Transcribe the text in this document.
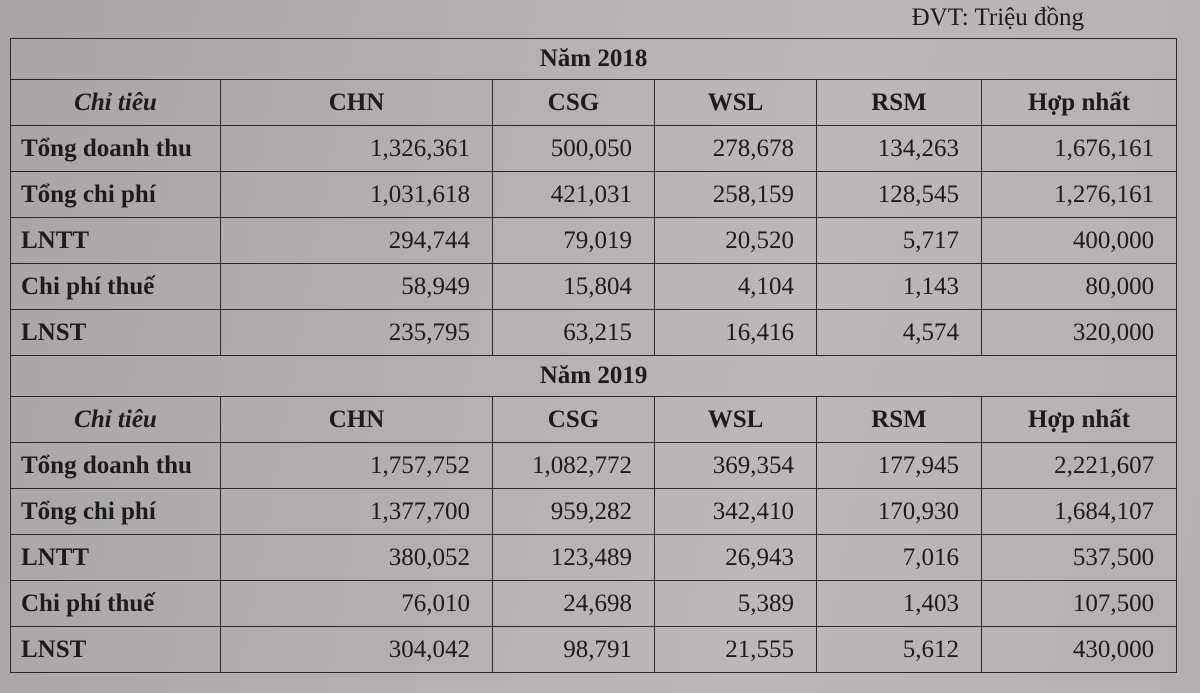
ĐVT: Triệu đồng
Năm 2018					
Chỉ tiêu	CHN	CSG	WSL	RSM	Hợp nhất
Tổng doanh thu	1,326,361	500,050	278,678	134,263	1,676,161
Tổng chi phí	1,031,618	421,031	258,159	128,545	1,276,161
LNTT	294,744	79,019	20,520	5,717	400,000
Chi phí thuế	58,949	15,804	4,104	1,143	80,000
LNST	235,795	63,215	16,416	4,574	320,000
Năm 2019					
Chỉ tiêu	CHN	CSG	WSL	RSM	Hợp nhất
Tổng doanh thu	1,757,752	1,082,772	369,354	177,945	2,221,607
Tổng chi phí	1,377,700	959,282	342,410	170,930	1,684,107
LNTT	380,052	123,489	26,943	7,016	537,500
Chi phí thuế	76,010	24,698	5,389	1,403	107,500
LNST	304,042	98,791	21,555	5,612	430,000
